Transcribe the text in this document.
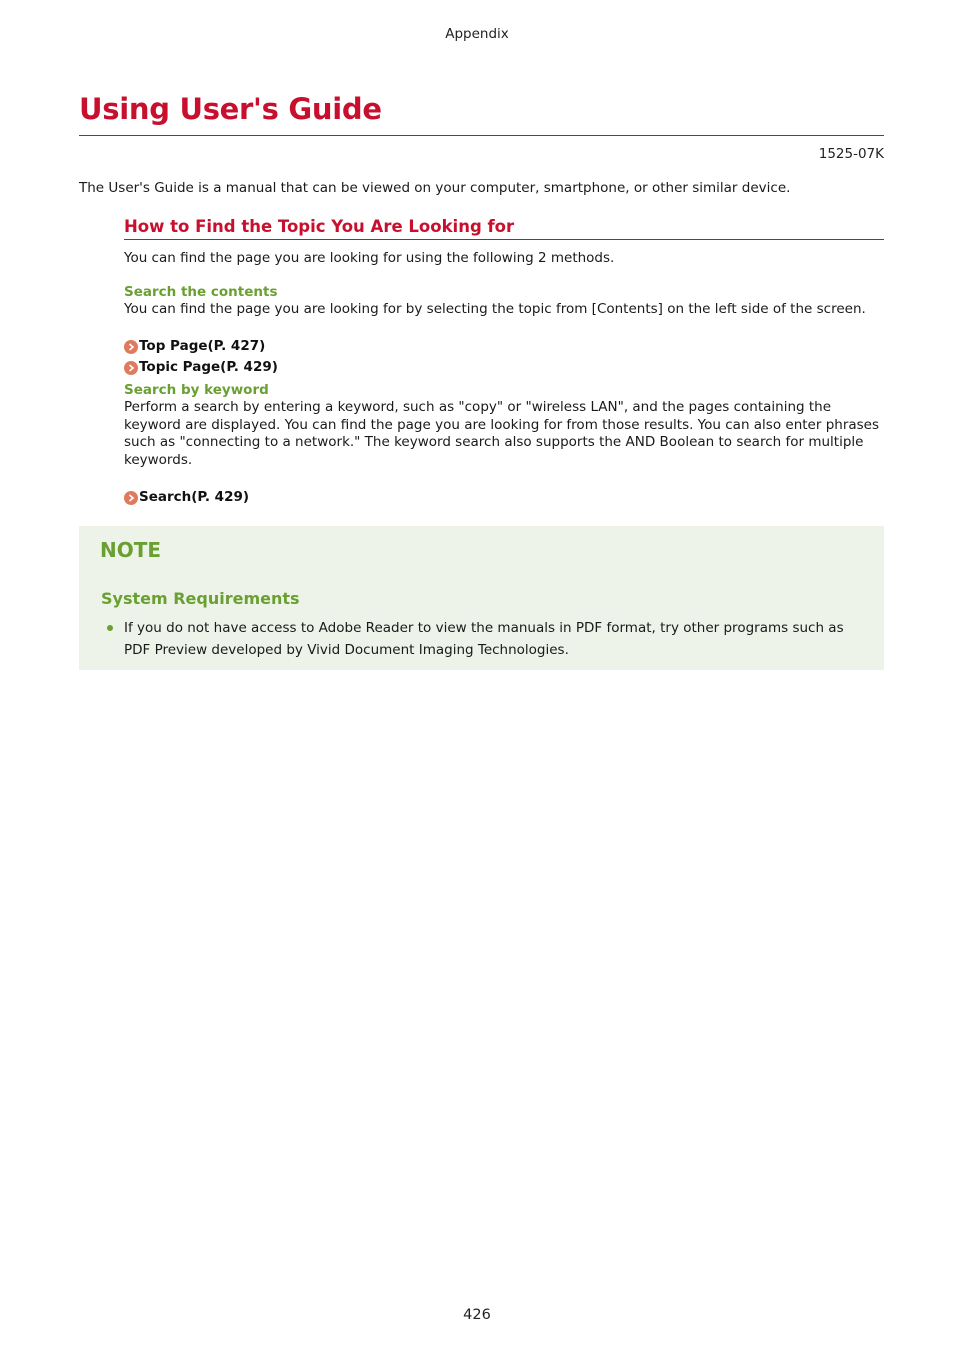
Appendix
Using User's Guide
1525-07K

The User's Guide is a manual that can be viewed on your computer, smartphone, or other similar device.

How to Find the Topic You Are Looking for

You can find the page you are looking for using the following 2 methods.

Search the contents

You can find the page you are looking for by selecting the topic from [Contents] on the left side of the screen.

Top Page(P. 427)
Topic Page(P. 429)
Search by keyword

Perform a search by entering a keyword, such as "copy" or "wireless LAN", and the pages containing the keyword are displayed. You can find the page you are looking for from those results. You can also enter phrases such as "connecting to a network." The keyword search also supports the AND Boolean to search for multiple keywords.

Search(P. 429)
NOTE
System Requirements
If you do not have access to Adobe Reader to view the manuals in PDF format, try other programs such as PDF Preview developed by Vivid Document Imaging Technologies.
426
